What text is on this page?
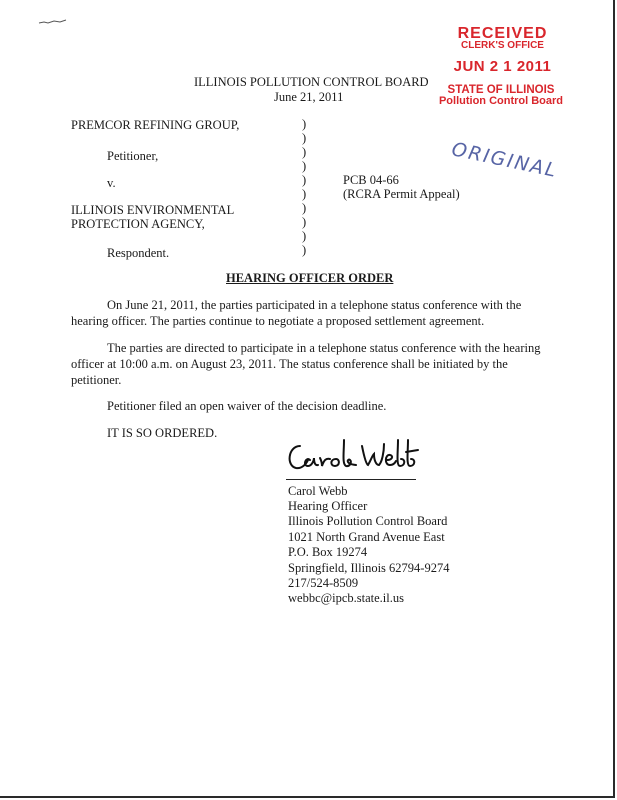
RECEIVED
CLERK'S OFFICE
JUN 2 1 2011
STATE OF ILLINOIS
Pollution Control Board
ORIGINAL
ILLINOIS POLLUTION CONTROL BOARD
June 21, 2011
PREMCOR REFINING GROUP,
Petitioner,
v.
ILLINOIS ENVIRONMENTAL
PROTECTION AGENCY,
Respondent.
)
)
)
)
)
)
)
)
)
)
PCB 04-66
(RCRA Permit Appeal)
HEARING OFFICER ORDER
On June 21, 2011, the parties participated in a telephone status conference with the hearing officer. The parties continue to negotiate a proposed settlement agreement.
The parties are directed to participate in a telephone status conference with the hearing officer at 10:00 a.m. on August 23, 2011. The status conference shall be initiated by the petitioner.
Petitioner filed an open waiver of the decision deadline.
IT IS SO ORDERED.
Carol Webb
Hearing Officer
Illinois Pollution Control Board
1021 North Grand Avenue East
P.O. Box 19274
Springfield, Illinois 62794-9274
217/524-8509
webbc@ipcb.state.il.us
